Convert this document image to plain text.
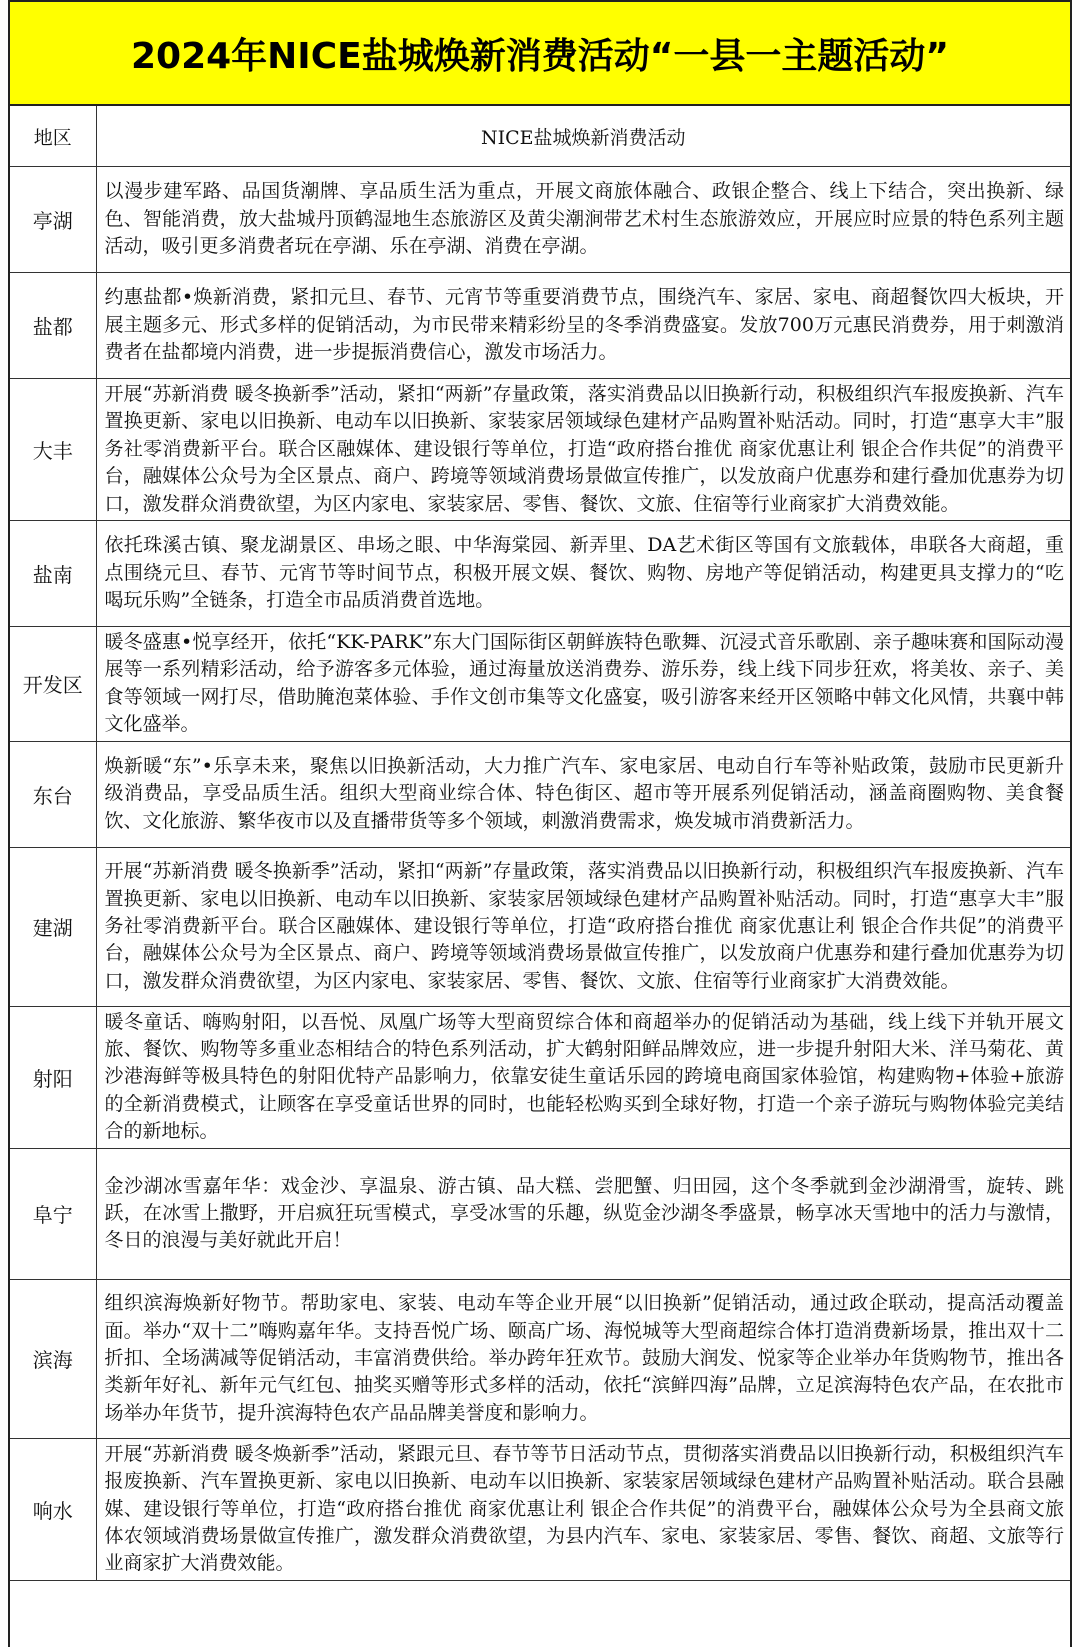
2024年NICE盐城焕新消费活动“一县一主题活动”
地区	NICE盐城焕新消费活动
亭湖	以漫步建军路、品国货潮牌、享品质生活为重点，开展文商旅体融合、政银企整合、线上下结合，突出换新、绿色、智能消费，放大盐城丹顶鹤湿地生态旅游区及黄尖潮涧带艺术村生态旅游效应，开展应时应景的特色系列主题活动，吸引更多消费者玩在亭湖、乐在亭湖、消费在亭湖。
盐都	约惠盐都•焕新消费，紧扣元旦、春节、元宵节等重要消费节点，围绕汽车、家居、家电、商超餐饮四大板块，开展主题多元、形式多样的促销活动，为市民带来精彩纷呈的冬季消费盛宴。发放700万元惠民消费券，用于刺激消费者在盐都境内消费，进一步提振消费信心，激发市场活力。
大丰	开展“苏新消费 暖冬换新季”活动，紧扣“两新”存量政策，落实消费品以旧换新行动，积极组织汽车报废换新、汽车置换更新、家电以旧换新、电动车以旧换新、家装家居领域绿色建材产品购置补贴活动。同时，打造“惠享大丰”服务社零消费新平台。联合区融媒体、建设银行等单位，打造“政府搭台推优 商家优惠让利 银企合作共促”的消费平台，融媒体公众号为全区景点、商户、跨境等领域消费场景做宣传推广，以发放商户优惠券和建行叠加优惠券为切口，激发群众消费欲望，为区内家电、家装家居、零售、餐饮、文旅、住宿等行业商家扩大消费效能。
盐南	依托珠溪古镇、聚龙湖景区、串场之眼、中华海棠园、新弄里、DA艺术街区等国有文旅载体，串联各大商超，重点围绕元旦、春节、元宵节等时间节点，积极开展文娱、餐饮、购物、房地产等促销活动，构建更具支撑力的“吃喝玩乐购”全链条，打造全市品质消费首选地。
开发区	暖冬盛惠•悦享经开，依托“KK-PARK”东大门国际街区朝鲜族特色歌舞、沉浸式音乐歌剧、亲子趣味赛和国际动漫展等一系列精彩活动，给予游客多元体验，通过海量放送消费券、游乐券，线上线下同步狂欢，将美妆、亲子、美食等领域一网打尽，借助腌泡菜体验、手作文创市集等文化盛宴，吸引游客来经开区领略中韩文化风情，共襄中韩文化盛举。
东台	焕新暖“东”•乐享未来，聚焦以旧换新活动，大力推广汽车、家电家居、电动自行车等补贴政策，鼓励市民更新升级消费品，享受品质生活。组织大型商业综合体、特色街区、超市等开展系列促销活动，涵盖商圈购物、美食餐饮、文化旅游、繁华夜市以及直播带货等多个领域，刺激消费需求，焕发城市消费新活力。
建湖	开展“苏新消费 暖冬换新季”活动，紧扣“两新”存量政策，落实消费品以旧换新行动，积极组织汽车报废换新、汽车置换更新、家电以旧换新、电动车以旧换新、家装家居领域绿色建材产品购置补贴活动。同时，打造“惠享大丰”服务社零消费新平台。联合区融媒体、建设银行等单位，打造“政府搭台推优 商家优惠让利 银企合作共促”的消费平台，融媒体公众号为全区景点、商户、跨境等领域消费场景做宣传推广，以发放商户优惠券和建行叠加优惠券为切口，激发群众消费欲望，为区内家电、家装家居、零售、餐饮、文旅、住宿等行业商家扩大消费效能。
射阳	暖冬童话、嗨购射阳，以吾悦、凤凰广场等大型商贸综合体和商超举办的促销活动为基础，线上线下并轨开展文旅、餐饮、购物等多重业态相结合的特色系列活动，扩大鹤射阳鲜品牌效应，进一步提升射阳大米、洋马菊花、黄沙港海鲜等极具特色的射阳优特产品影响力，依靠安徒生童话乐园的跨境电商国家体验馆，构建购物+体验+旅游的全新消费模式，让顾客在享受童话世界的同时，也能轻松购买到全球好物，打造一个亲子游玩与购物体验完美结合的新地标。
阜宁	金沙湖冰雪嘉年华：戏金沙、享温泉、游古镇、品大糕、尝肥蟹、归田园，这个冬季就到金沙湖滑雪，旋转、跳跃，在冰雪上撒野，开启疯狂玩雪模式，享受冰雪的乐趣，纵览金沙湖冬季盛景，畅享冰天雪地中的活力与激情，冬日的浪漫与美好就此开启！
滨海	组织滨海焕新好物节。帮助家电、家装、电动车等企业开展“以旧换新”促销活动，通过政企联动，提高活动覆盖面。举办“双十二”嗨购嘉年华。支持吾悦广场、颐高广场、海悦城等大型商超综合体打造消费新场景，推出双十二折扣、全场满减等促销活动，丰富消费供给。举办跨年狂欢节。鼓励大润发、悦家等企业举办年货购物节，推出各类新年好礼、新年元气红包、抽奖买赠等形式多样的活动，依托“滨鲜四海”品牌，立足滨海特色农产品，在农批市场举办年货节，提升滨海特色农产品品牌美誉度和影响力。
响水	开展“苏新消费 暖冬焕新季”活动，紧跟元旦、春节等节日活动节点，贯彻落实消费品以旧换新行动，积极组织汽车报废换新、汽车置换更新、家电以旧换新、电动车以旧换新、家装家居领域绿色建材产品购置补贴活动。联合县融媒、建设银行等单位，打造“政府搭台推优 商家优惠让利 银企合作共促”的消费平台，融媒体公众号为全县商文旅体农领域消费场景做宣传推广，激发群众消费欲望，为县内汽车、家电、家装家居、零售、餐饮、商超、文旅等行业商家扩大消费效能。
